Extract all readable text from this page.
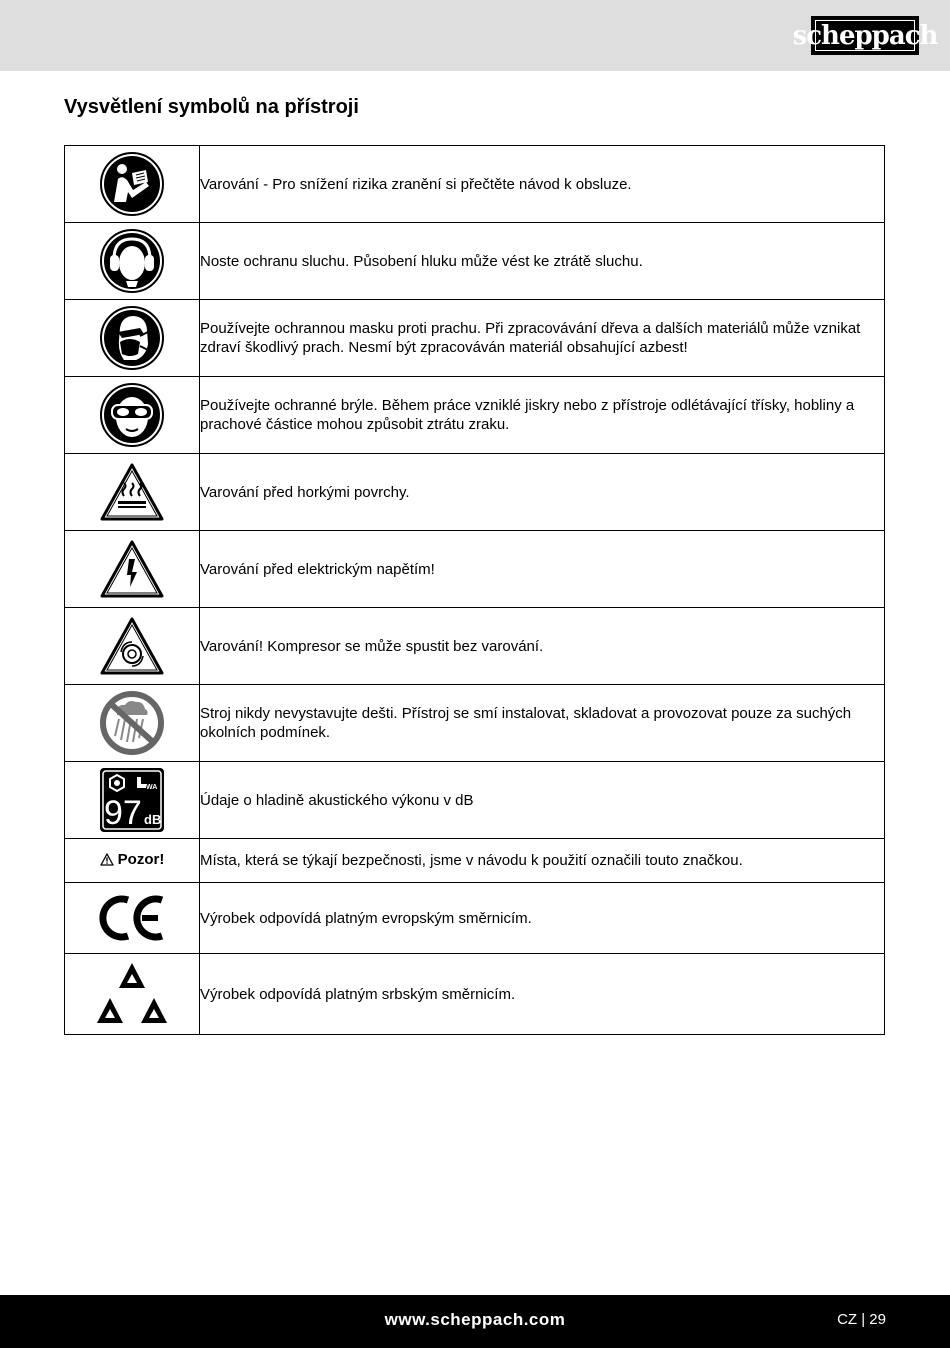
scheppach
Vysvětlení symbolů na přístroji
	Varování - Pro snížení rizika zranění si přečtěte návod k obsluze.

	Noste ochranu sluchu. Působení hluku může vést ke ztrátě sluchu.

	Používejte ochrannou masku proti prachu. Při zpracovávání dřeva a dalších materiálů může vznikat zdraví škodlivý prach. Nesmí být zpracováván materiál obsahující azbest!

	Používejte ochranné brýle. Během práce vzniklé jiskry nebo z přístroje odlétávající třísky, hobliny a prachové částice mohou způsobit ztrátu zraku.

	Varování před horkými povrchy.

	Varování před elektrickým napětím!

	Varování! Kompresor se může spustit bez varování.

	Stroj nikdy nevystavujte dešti. Přístroj se smí instalovat, skladovat a provozovat pouze za suchých okolních podmínek.

WA
97 dB	Údaje o hladině akustického výkonu v dB

Pozor!	Místa, která se týkají bezpečnosti, jsme v návodu k použití označili touto značkou.

	Výrobek odpovídá platným evropským směrnicím.

	Výrobek odpovídá platným srbským směrnicím.
www.scheppach.com	CZ | 29
